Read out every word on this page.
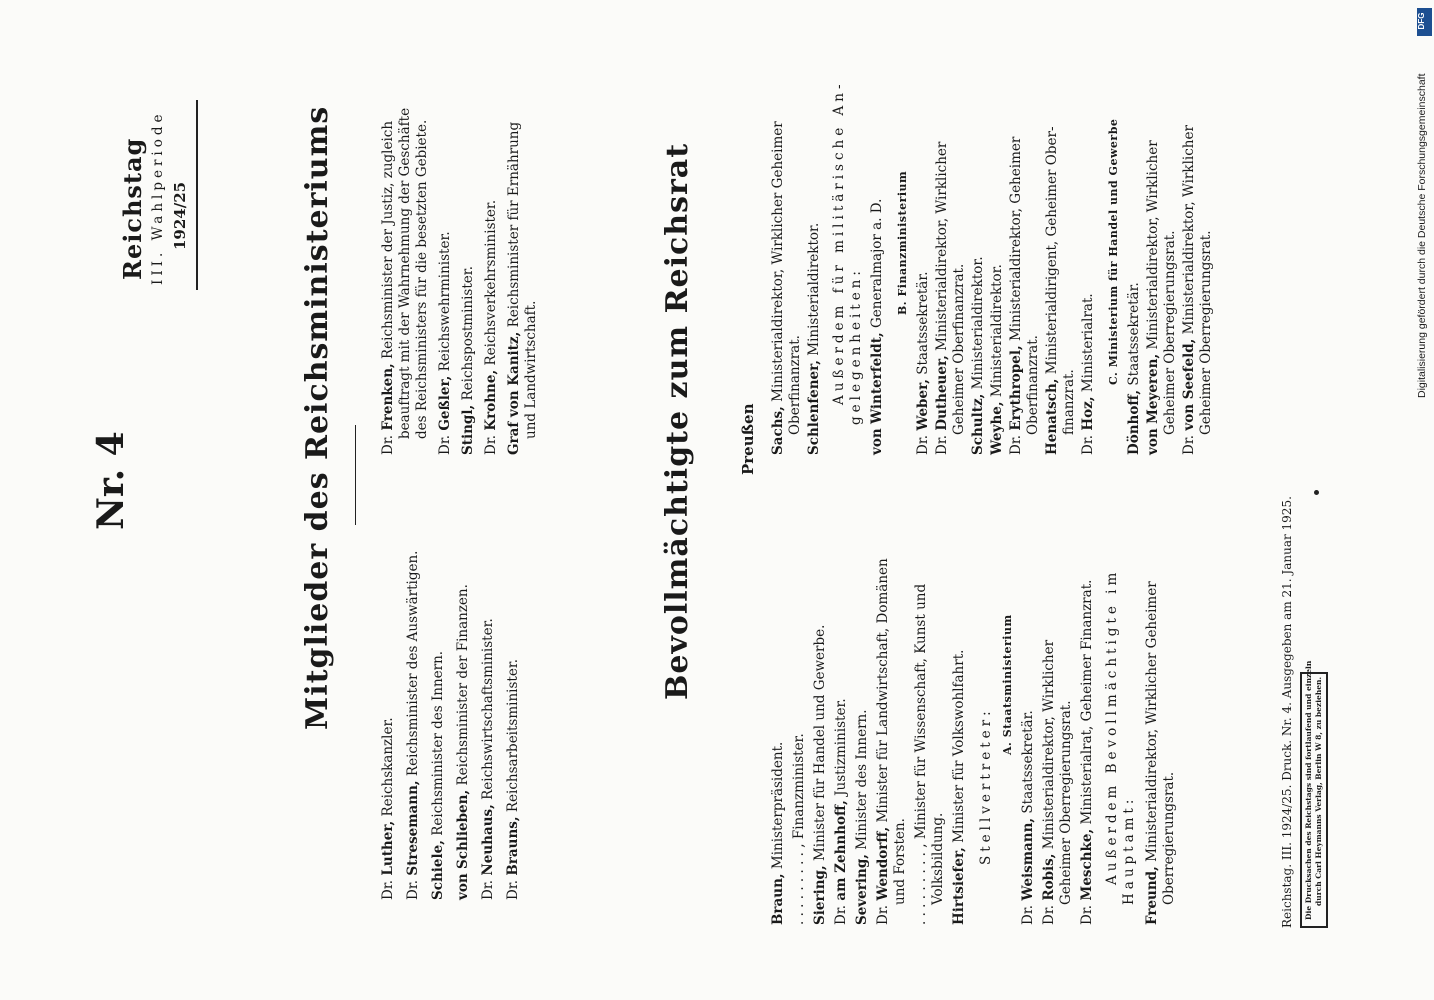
Nr. 4
Reichstag III. Wahlperiode 1924/25	Mitglieder des Reichsministeriums
Dr. Luther, Reichskanzler.
Dr. Stresemann, Reichsminister des Auswärtigen.
Schiele, Reichsminister des Innern.
von Schlieben, Reichsminister der Finanzen.
Dr. Neuhaus, Reichswirtschaftsminister.
Dr. Brauns, Reichsarbeitsminister.
Dr. Frenken, Reichsminister der Justiz, zugleich beauftragt mit der Wahrnehmung der Geschäfte des Reichsministers für die besetzten Gebiete.
Dr. Geßler, Reichswehrminister.
Stingl, Reichspostminister.
Dr. Krohne, Reichsverkehrsminister.
Graf von Kanitz, Reichsminister für Ernährung
und Landwirtschaft.	Bevollmächtigte zum Reichsrat	Preußen
Braun, Ministerpräsident.
. . . . . . . . . , Finanzminister.
Siering, Minister für Handel und Gewerbe.
Dr. am Zehnhoff, Justizminister.
Severing, Minister des Innern.
Dr. Wendorff, Minister für Landwirtschaft, Domänen
und Forsten. . . . . . . . . . , Minister für Wissenschaft, Kunst und
Volksbildung. Hirtsiefer, Minister für Volkswohlfahrt. Stellvertreter:
A. Staatsministerium
Dr. Weismann, Staatssekretär.
Dr. Robis, Ministerialdirektor, Wirklicher Geheimer Oberregierungsrat.
Dr. Meschke, Ministerialrat, Geheimer Finanzrat. Außerdem Bevollmächtigte im Hauptamt: Freund, Ministerialdirektor, Wirklicher Geheimer Oberregierungsrat.
Sachs, Ministerialdirektor, Wirklicher Geheimer Oberfinanzrat. Schlenfener, Ministerialdirektor. Außerdem für militärische An- gelegenheiten:
von Winterfeldt, Generalmajor a. D. B. Finanzministerium
Dr. Weber, Staatssekretär.
Dr. Dutheuer, Ministerialdirektor, Wirklicher Geheimer Oberfinanzrat. Schultz, Ministerialdirektor.
Weyhe, Ministerialdirektor.
Dr. Erythropel, Ministerialdirektor, Geheimer
Oberfinanzrat. Henatsch, Ministerialdirigent, Geheimer Ober-
finanzrat.
Dr. Hoz, Ministerialrat. C. Ministerium für Handel und Gewerbe
Dönhoff, Staatssekretär.
von Meyeren, Ministerialdirektor, Wirklicher Geheimer Oberregierungsrat.
Dr. von Seefeld, Ministerialdirektor, Wirklicher Geheimer Oberregierungsrat.
Reichstag. III. 1924/25. Druck. Nr. 4. Ausgegeben am 21. Januar 1925. Die Drucksachen des Reichstags sind fortlaufend und einzeln durch Carl Heymanns Verlag, Berlin W 8, zu beziehen.
DFG
Digitalisierung gefördert durch die Deutsche Forschungsgemeinschaft
